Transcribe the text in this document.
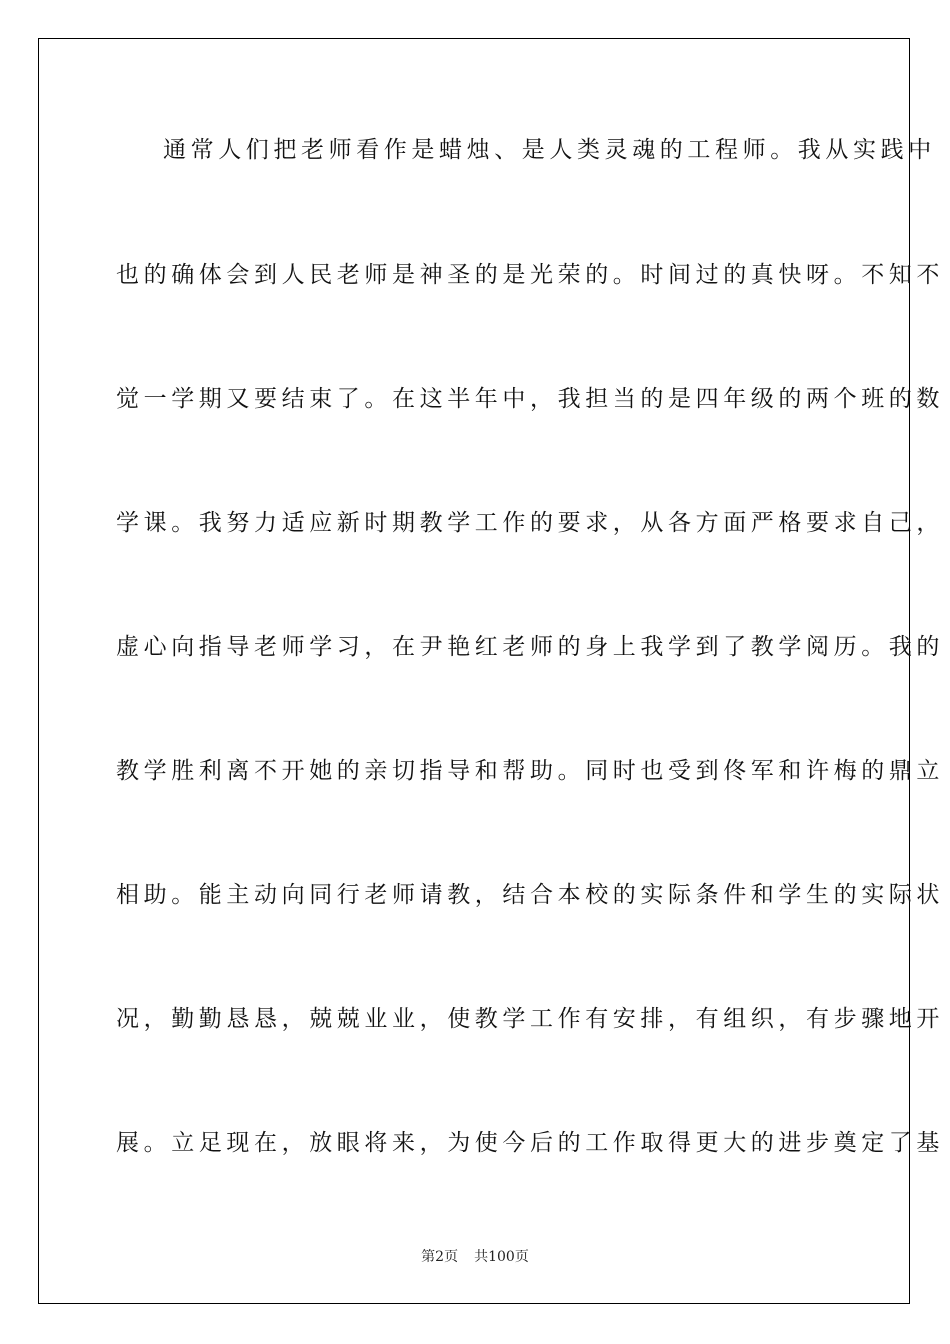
通常人们把老师看作是蜡烛、是人类灵魂的工程师。我从实践中
也的确体会到人民老师是神圣的是光荣的。时间过的真快呀。不知不
觉一学期又要结束了。在这半年中，我担当的是四年级的两个班的数
学课。我努力适应新时期教学工作的要求，从各方面严格要求自己，
虚心向指导老师学习，在尹艳红老师的身上我学到了教学阅历。我的
教学胜利离不开她的亲切指导和帮助。同时也受到佟军和许梅的鼎立
相助。能主动向同行老师请教，结合本校的实际条件和学生的实际状
况，勤勤恳恳，兢兢业业，使教学工作有安排，有组织，有步骤地开
展。立足现在，放眼将来，为使今后的工作取得更大的进步奠定了基
第2页 共100页
